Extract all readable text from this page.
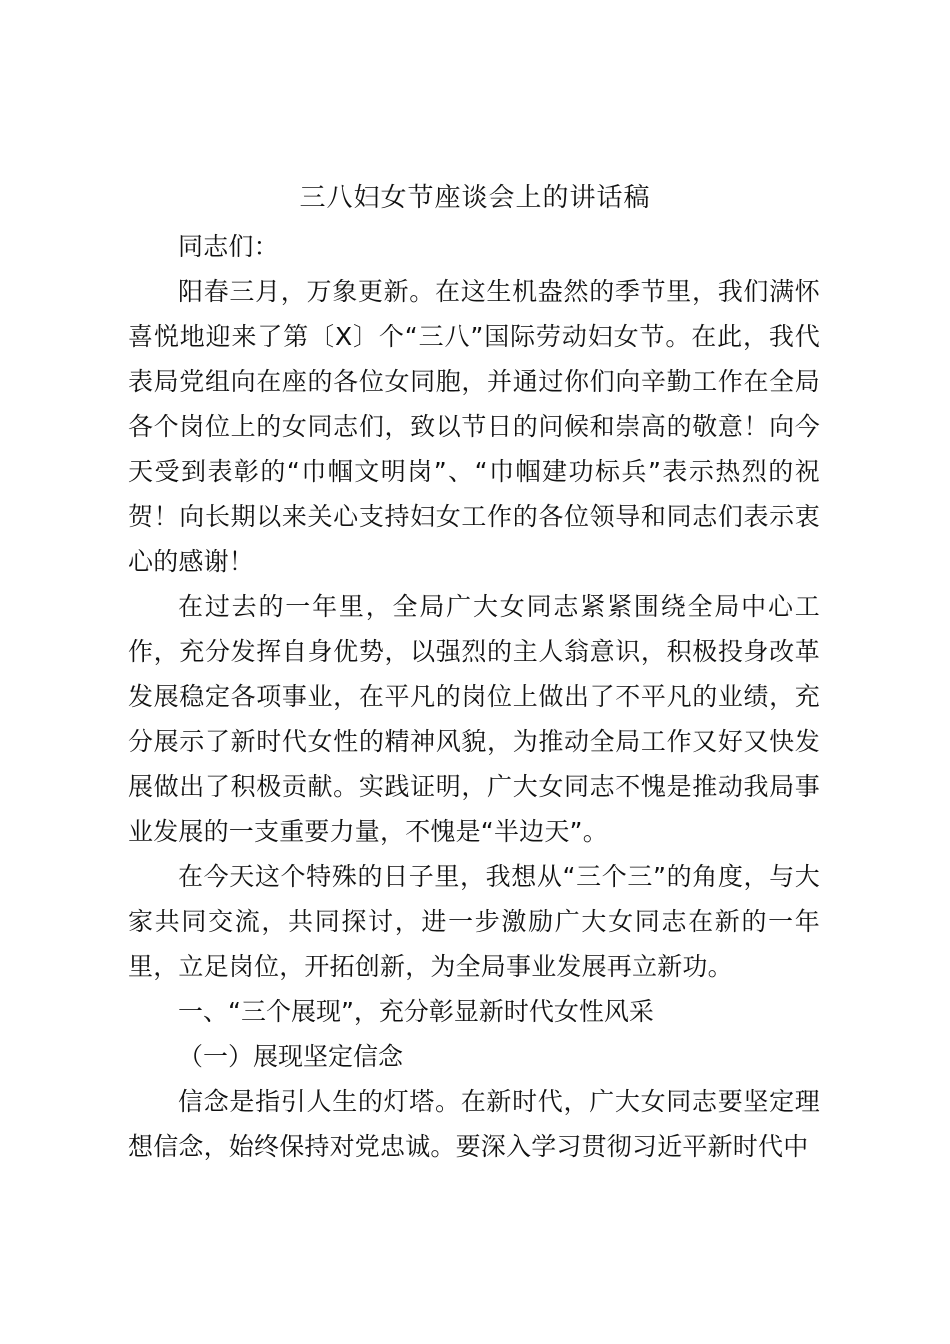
三八妇女节座谈会上的讲话稿

同志们：

阳春三月，万象更新。在这生机盎然的季节里，我们满怀喜悦地迎来了第〔X〕个“三八”国际劳动妇女节。在此，我代表局党组向在座的各位女同胞，并通过你们向辛勤工作在全局各个岗位上的女同志们，致以节日的问候和崇高的敬意！向今天受到表彰的“巾帼文明岗”、“巾帼建功标兵”表示热烈的祝贺！向长期以来关心支持妇女工作的各位领导和同志们表示衷心的感谢！

在过去的一年里，全局广大女同志紧紧围绕全局中心工作，充分发挥自身优势，以强烈的主人翁意识，积极投身改革发展稳定各项事业，在平凡的岗位上做出了不平凡的业绩，充分展示了新时代女性的精神风貌，为推动全局工作又好又快发展做出了积极贡献。实践证明，广大女同志不愧是推动我局事业发展的一支重要力量，不愧是“半边天”。

在今天这个特殊的日子里，我想从“三个三”的角度，与大家共同交流，共同探讨，进一步激励广大女同志在新的一年里，立足岗位，开拓创新，为全局事业发展再立新功。

一、“三个展现”，充分彰显新时代女性风采

（一）展现坚定信念

信念是指引人生的灯塔。在新时代，广大女同志要坚定理想信念，始终保持对党忠诚。要深入学习贯彻习近平新时代中
